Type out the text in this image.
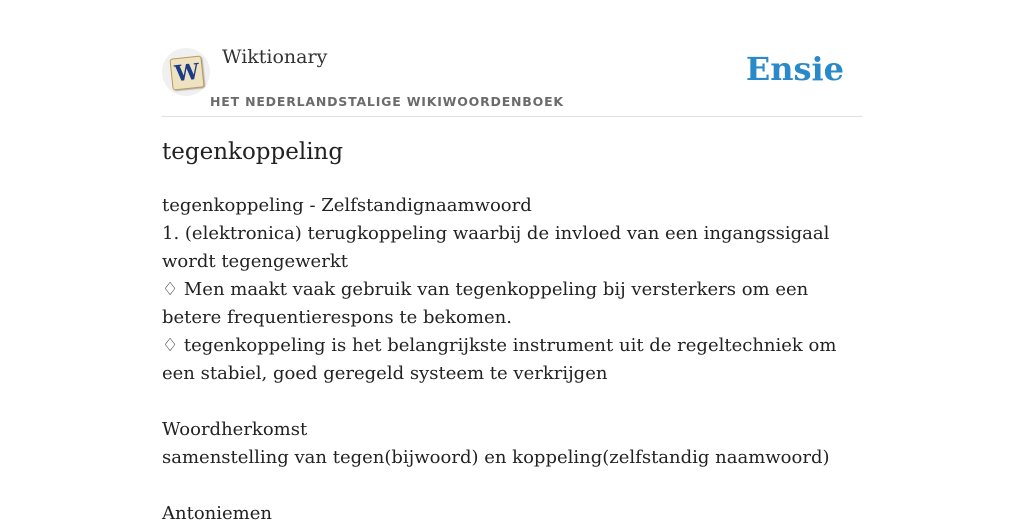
W
Wiktionary
HET NEDERLANDSTALIGE WIKIWOORDENBOEK
Ensie
tegenkoppeling

tegenkoppeling - Zelfstandignaamwoord

1. (elektronica) terugkoppeling waarbij de invloed van een ingangssigaal wordt tegengewerkt

♢ Men maakt vaak gebruik van tegenkoppeling bij versterkers om een betere frequentierespons te bekomen.

♢ tegenkoppeling is het belangrijkste instrument uit de regeltechniek om een stabiel, goed geregeld systeem te verkrijgen

Woordherkomst

samenstelling van tegen(bijwoord) en koppeling(zelfstandig naamwoord)

Antoniemen
